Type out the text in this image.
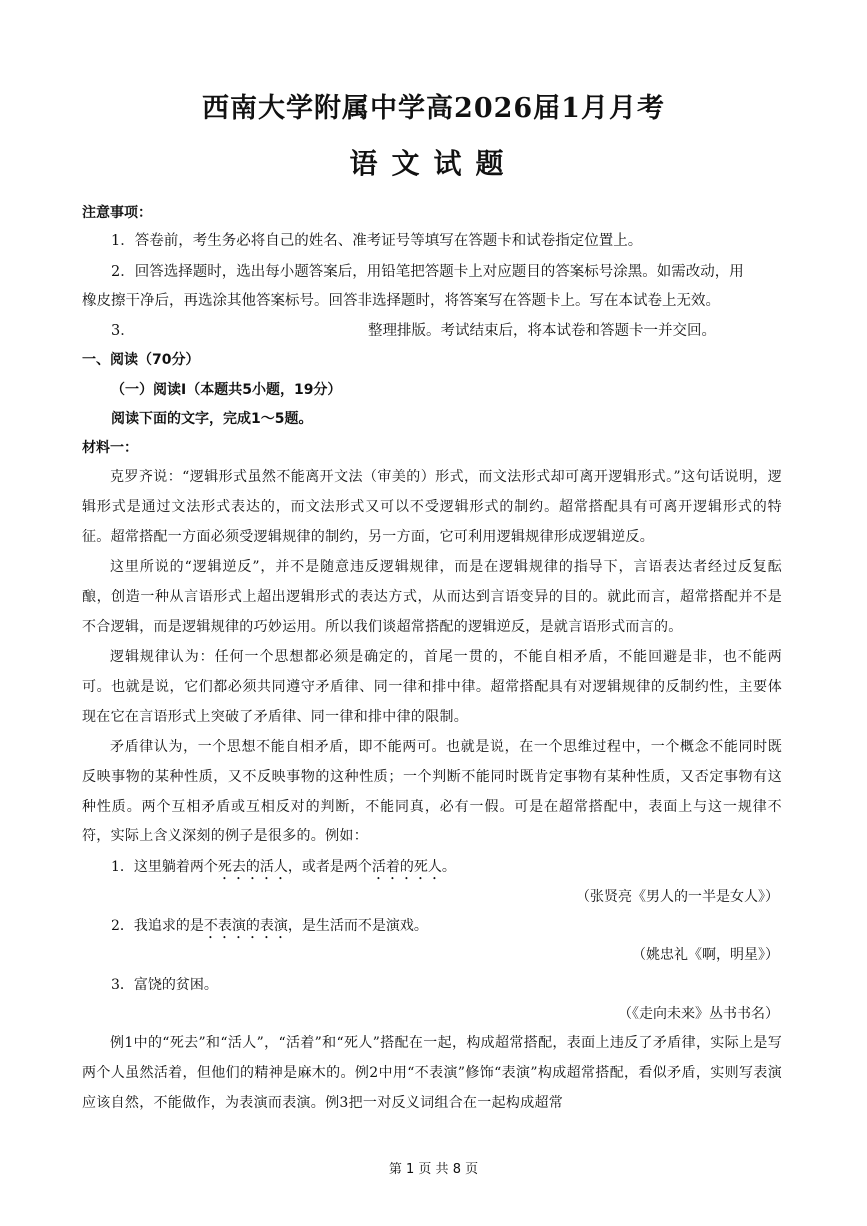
西南大学附属中学高2026届1月月考
语文试题
注意事项：
1．答卷前，考生务必将自己的姓名、准考证号等填写在答题卡和试卷指定位置上。
2．回答选择题时，选出每小题答案后，用铅笔把答题卡上对应题目的答案标号涂黑。如需改动，用
橡皮擦干净后，再选涂其他答案标号。回答非选择题时，将答案写在答题卡上。写在本试卷上无效。
3．	整理排版。考试结束后，将本试卷和答题卡一并交回。
一、阅读（70分）
（一）阅读Ⅰ（本题共5小题，19分）
阅读下面的文字，完成1～5题。
材料一：
克罗齐说：“逻辑形式虽然不能离开文法（审美的）形式，而文法形式却可离开逻辑形式。”这句话说明，逻辑形式是通过文法形式表达的，而文法形式又可以不受逻辑形式的制约。超常搭配具有可离开逻辑形式的特征。超常搭配一方面必须受逻辑规律的制约，另一方面，它可利用逻辑规律形成逻辑逆反。
这里所说的“逻辑逆反”，并不是随意违反逻辑规律，而是在逻辑规律的指导下，言语表达者经过反复酝酿，创造一种从言语形式上超出逻辑形式的表达方式，从而达到言语变异的目的。就此而言，超常搭配并不是不合逻辑，而是逻辑规律的巧妙运用。所以我们谈超常搭配的逻辑逆反，是就言语形式而言的。
逻辑规律认为：任何一个思想都必须是确定的，首尾一贯的，不能自相矛盾，不能回避是非，也不能两可。也就是说，它们都必须共同遵守矛盾律、同一律和排中律。超常搭配具有对逻辑规律的反制约性，主要体现在它在言语形式上突破了矛盾律、同一律和排中律的限制。
矛盾律认为，一个思想不能自相矛盾，即不能两可。也就是说，在一个思维过程中，一个概念不能同时既反映事物的某种性质，又不反映事物的这种性质；一个判断不能同时既肯定事物有某种性质，又否定事物有这种性质。两个互相矛盾或互相反对的判断，不能同真，必有一假。可是在超常搭配中，表面上与这一规律不符，实际上含义深刻的例子是很多的。例如：
1．这里躺着两个死去的活人，或者是两个活着的死人。
（张贤亮《男人的一半是女人》）
2．我追求的是不表演的表演，是生活而不是演戏。
（姚忠礼《啊，明星》）
3．富饶的贫困。
（《走向未来》丛书书名）
例1中的“死去”和“活人”，“活着”和“死人”搭配在一起，构成超常搭配，表面上违反了矛盾律，实际上是写两个人虽然活着，但他们的精神是麻木的。例2中用“不表演”修饰“表演”构成超常搭配，看似矛盾，实则写表演应该自然，不能做作，为表演而表演。例3把一对反义词组合在一起构成超常
第 1 页 共 8 页
